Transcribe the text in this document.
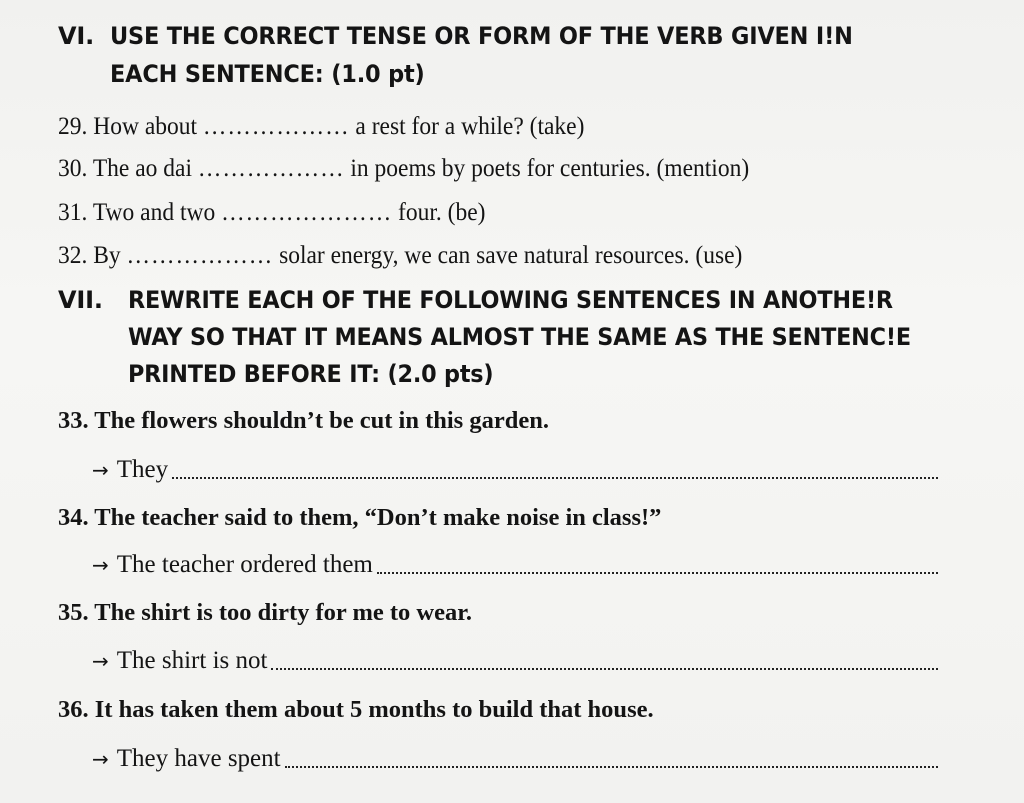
VI. USE THE CORRECT TENSE OR FORM OF THE VERB GIVEN I!N
EACH SENTENCE: (1.0 pt)
29. How about ……………… a rest for a while? (take)
30. The ao dai ……………… in poems by poets for centuries. (mention)
31. Two and two ………………… four. (be)
32. By ……………… solar energy, we can save natural resources. (use)
VII. REWRITE EACH OF THE FOLLOWING SENTENCES IN ANOTHE!R
WAY SO THAT IT MEANS ALMOST THE SAME AS THE SENTENC!E
PRINTED BEFORE IT: (2.0 pts)
33. The flowers shouldn’t be cut in this garden.
→ They
34. The teacher said to them, “Don’t make noise in class!”
→ The teacher ordered them
35. The shirt is too dirty for me to wear.
→ The shirt is not
36. It has taken them about 5 months to build that house.
→ They have spent
